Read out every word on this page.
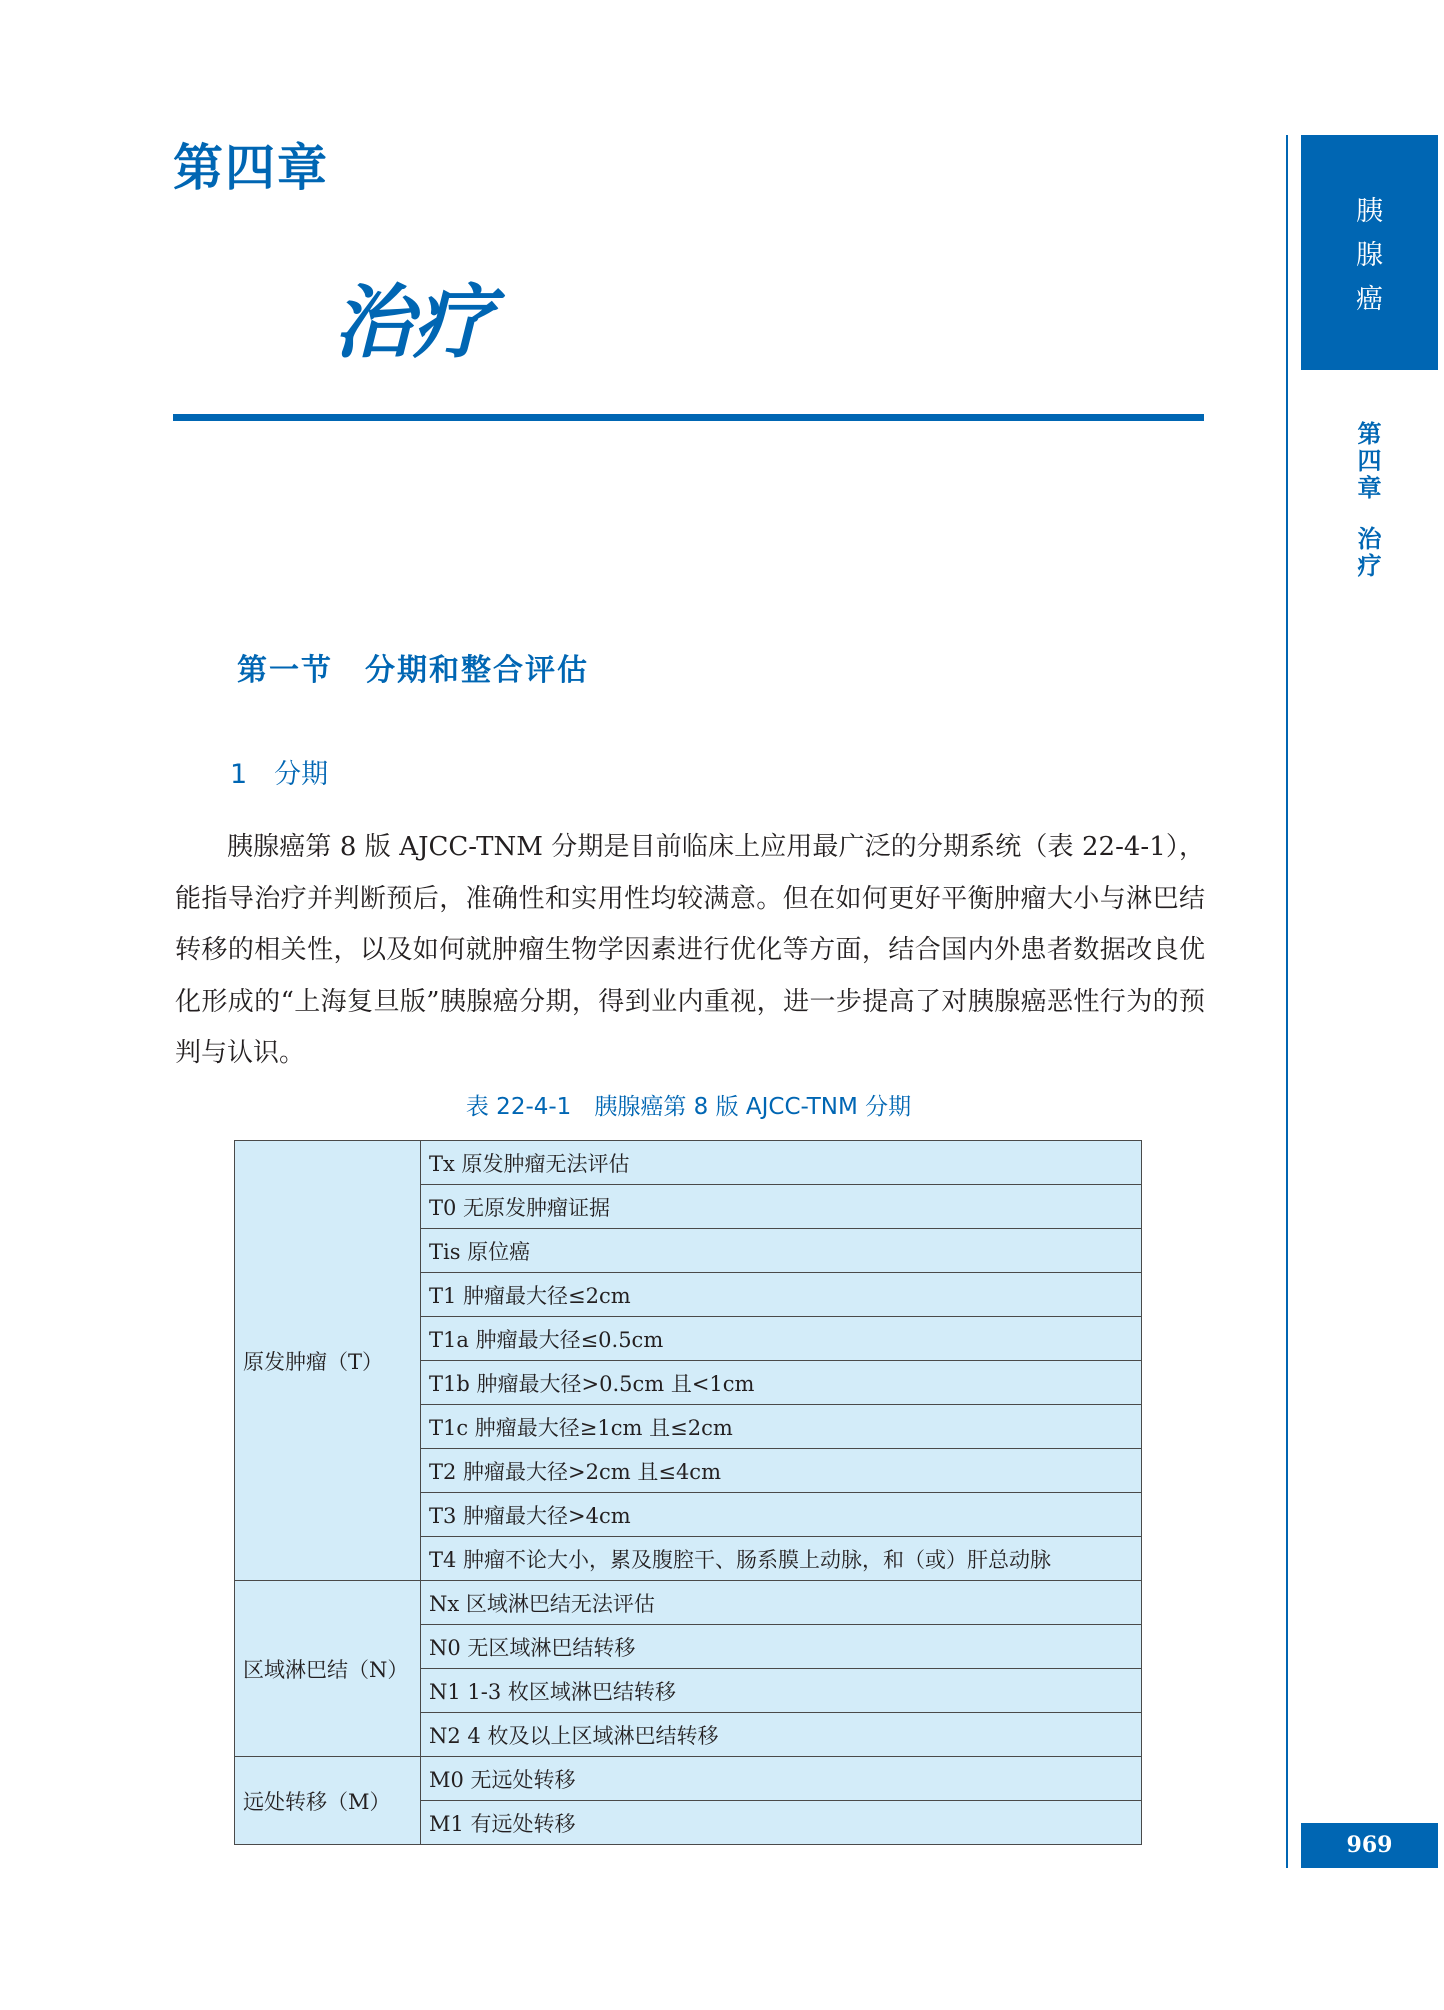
第四章
治疗
胰
腺
癌
第
四
章
治
疗
第一节　分期和整合评估
1　分期
胰腺癌第 8 版 AJCC-TNM 分期是目前临床上应用最广泛的分期系统（表 22-4-1），能指导治疗并判断预后，准确性和实用性均较满意。但在如何更好平衡肿瘤大小与淋巴结转移的相关性，以及如何就肿瘤生物学因素进行优化等方面，结合国内外患者数据改良优化形成的“上海复旦版”胰腺癌分期，得到业内重视，进一步提高了对胰腺癌恶性行为的预判与认识。
表 22-4-1　胰腺癌第 8 版 AJCC-TNM 分期
原发肿瘤（T）	Tx 原发肿瘤无法评估
	T0 无原发肿瘤证据
	Tis 原位癌
	T1 肿瘤最大径≤2cm
	T1a 肿瘤最大径≤0.5cm
	T1b 肿瘤最大径>0.5cm 且<1cm
	T1c 肿瘤最大径≥1cm 且≤2cm
	T2 肿瘤最大径>2cm 且≤4cm
	T3 肿瘤最大径>4cm
	T4 肿瘤不论大小，累及腹腔干、肠系膜上动脉，和（或）肝总动脉
区域淋巴结（N）	Nx 区域淋巴结无法评估
	N0 无区域淋巴结转移
	N1 1-3 枚区域淋巴结转移
	N2 4 枚及以上区域淋巴结转移
远处转移（M）	M0 无远处转移
	M1 有远处转移
969
